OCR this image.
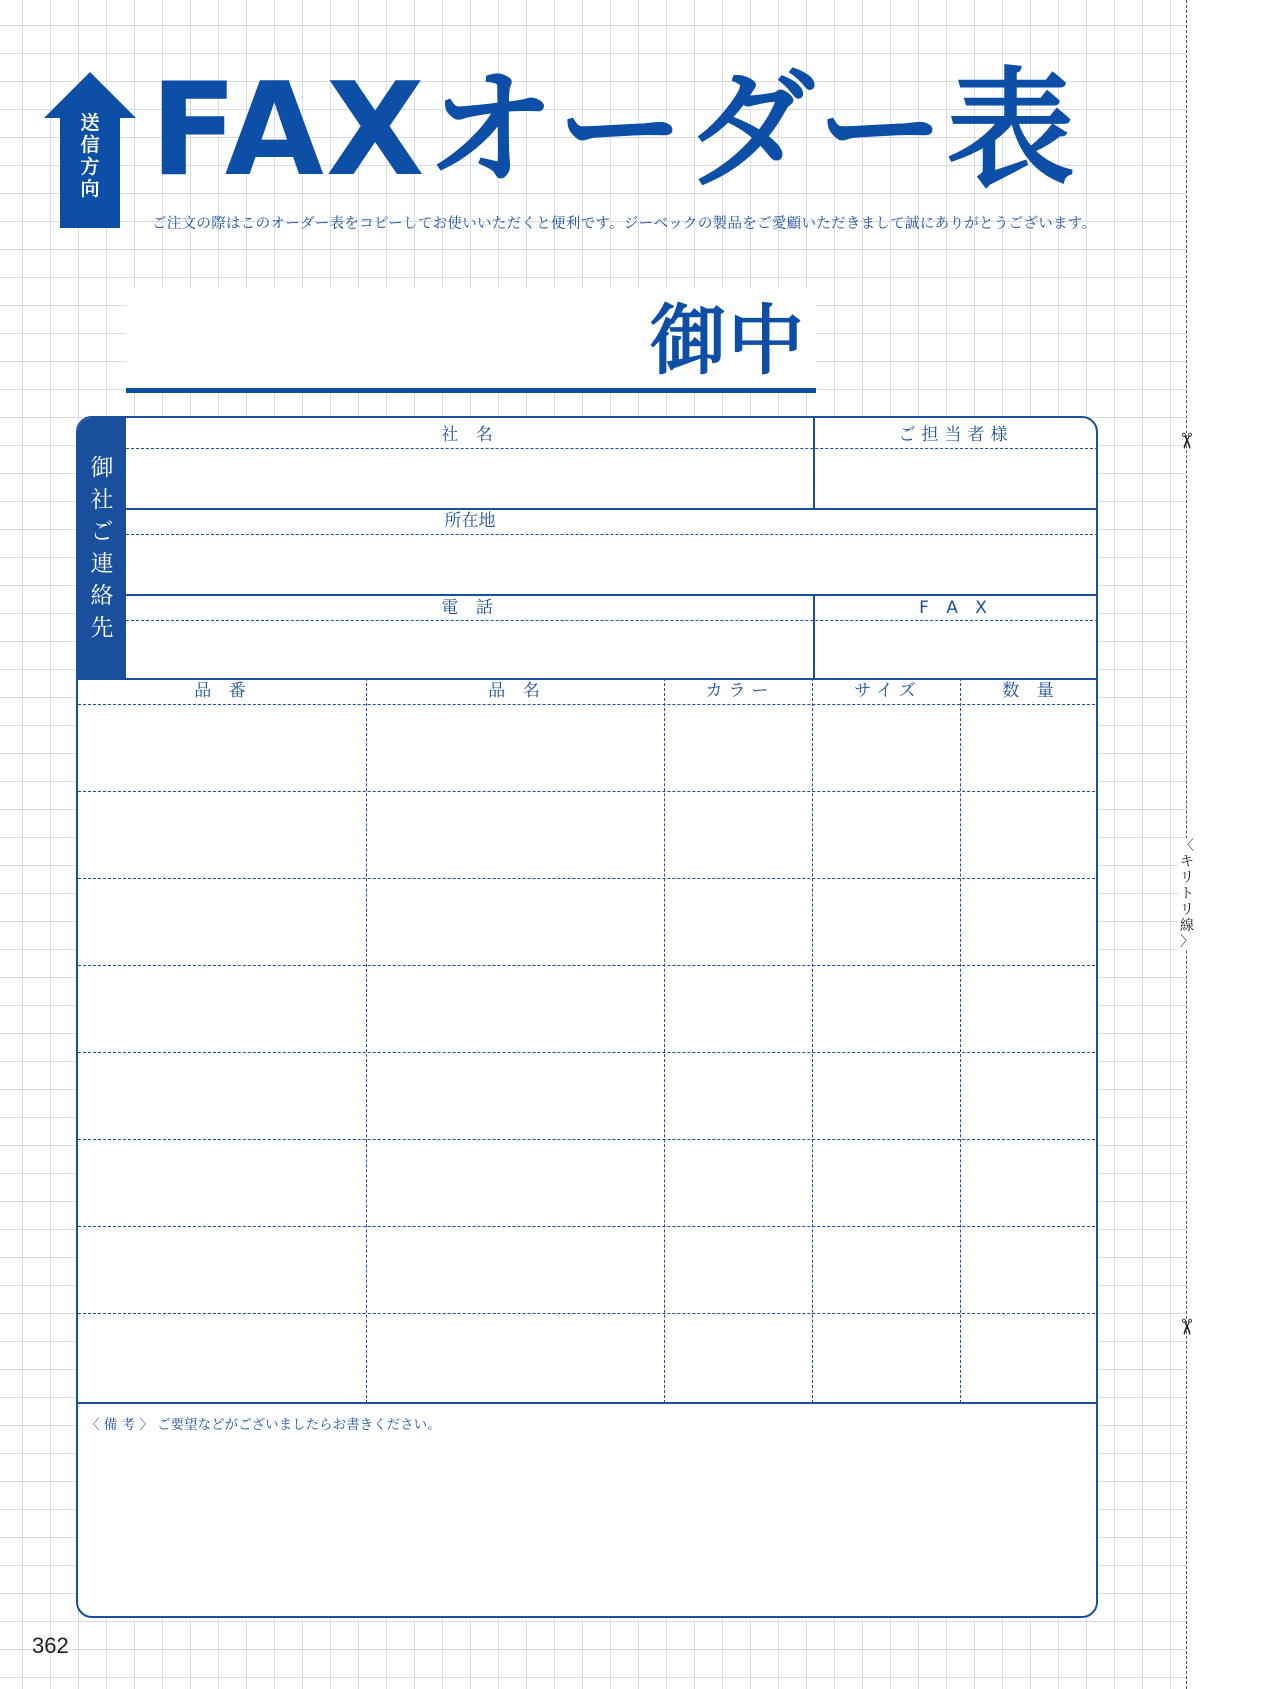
✂
✂
〈
キ
リ
ト
リ
線
〉
送
信
方
向 FAXオーダー表
ご注文の際はこのオーダー表をコピーしてお使いいただくと便利です。ジーベックの製品をご愛顧いただきまして誠にありがとうございます。
御中
御
社
ご
連
絡
先
社 名	ご担当者様
所在地
電 話	F A X
品 番	品 名	カラー	サイズ	数 量
〈 備 考 〉 ご要望などがございましたらお書きください。
362
